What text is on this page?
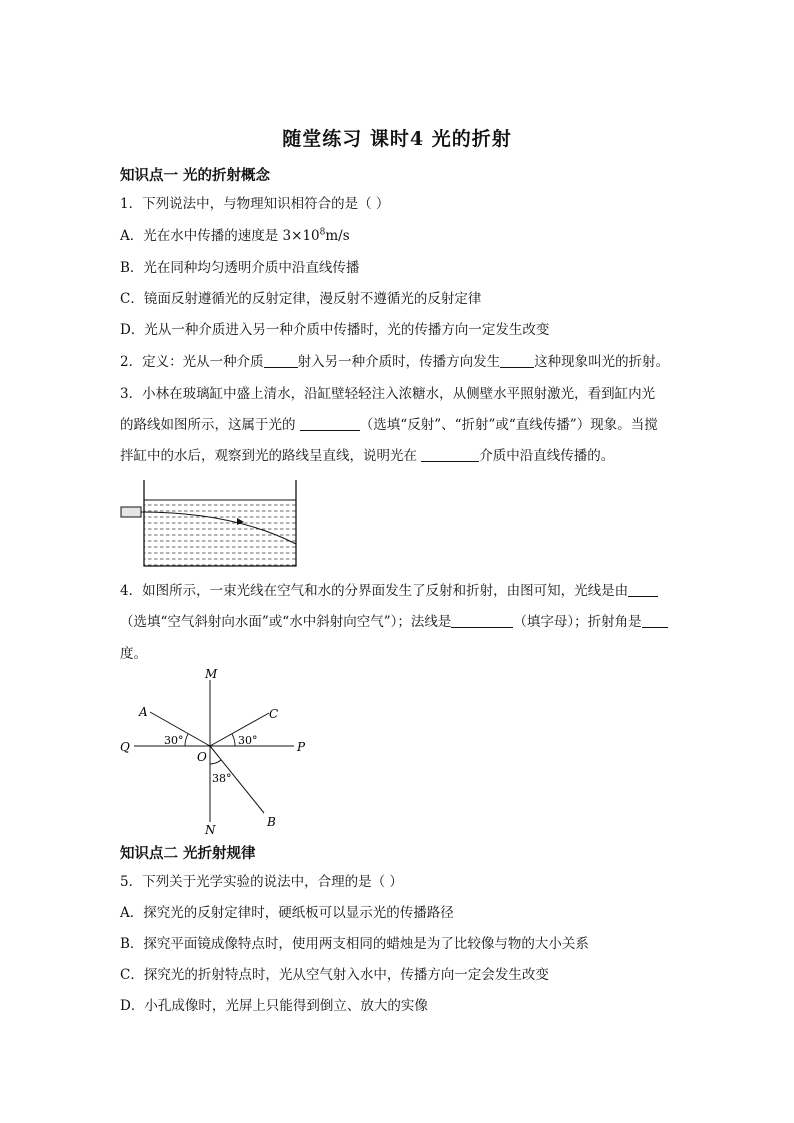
随堂练习 课时4 光的折射
知识点一 光的折射概念
1．下列说法中，与物理知识相符合的是（ ）
A．光在水中传播的速度是 $3\times 10^8m/s$
B．光在同种均匀透明介质中沿直线传播
C．镜面反射遵循光的反射定律，漫反射不遵循光的反射定律
D．光从一种介质进入另一种介质中传播时，光的传播方向一定发生改变
2．定义：光从一种介质	射入另一种介质时，传播方向发生	这种现象叫光的折射。
3．小林在玻璃缸中盛上清水，沿缸壁轻轻注入浓糖水，从侧壁水平照射激光，看到缸内光
的路线如图所示，这属于光的	（选填“反射”、“折射”或“直线传播”）现象。当搅
拌缸中的水后，观察到光的路线呈直线，说明光在	介质中沿直线传播的。
4．如图所示，一束光线在空气和水的分界面发生了反射和折射，由图可知，光线是由
（选填“空气斜射向水面”或“水中斜射向空气”）；法线是	（填字母）；折射角是
度。
M
N
A	C
B
Q	P
O
30°	30°
38°
知识点二 光折射规律
5．下列关于光学实验的说法中，合理的是（ ）
A．探究光的反射定律时，硬纸板可以显示光的传播路径
B．探究平面镜成像特点时，使用两支相同的蜡烛是为了比较像与物的大小关系
C．探究光的折射特点时，光从空气射入水中，传播方向一定会发生改变
D．小孔成像时，光屏上只能得到倒立、放大的实像
